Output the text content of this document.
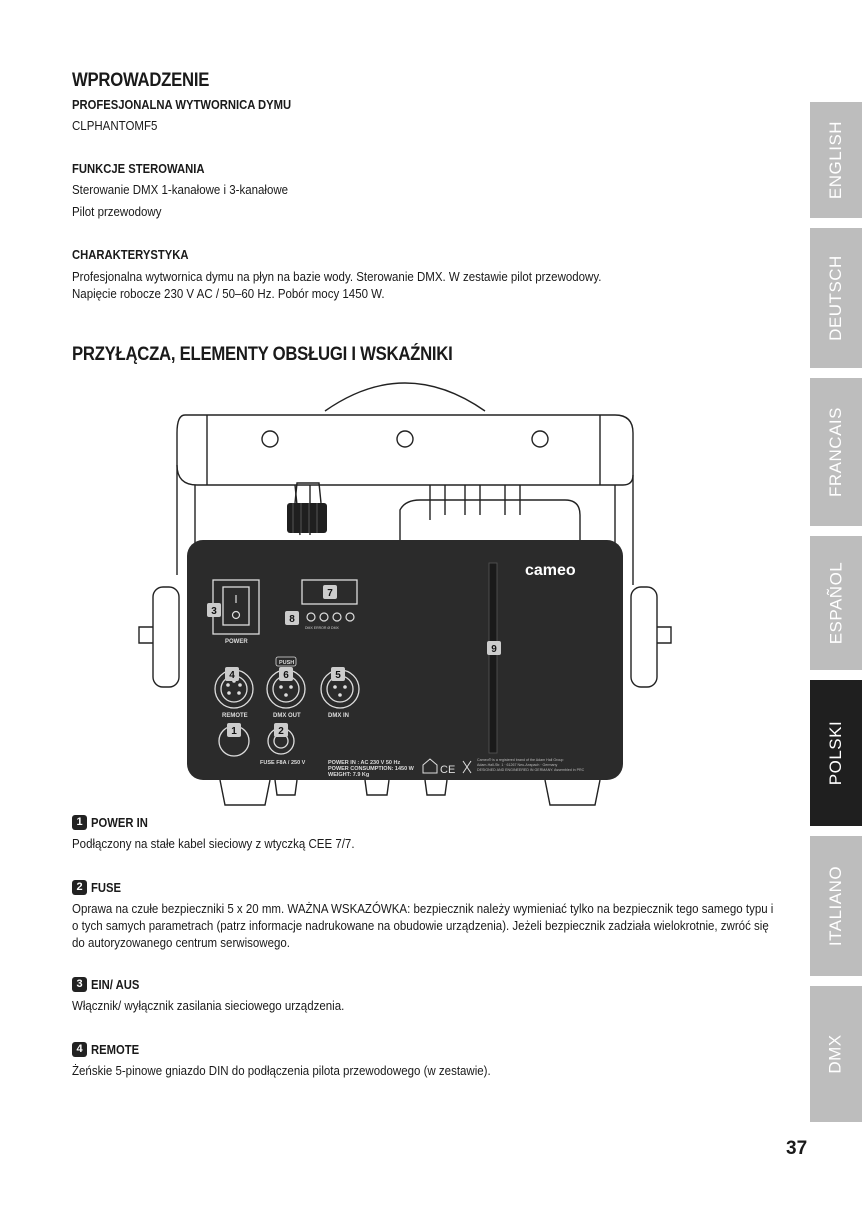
WPROWADZENIE
PROFESJONALNA WYTWORNICA DYMU
CLPHANTOMF5
FUNKCJE STEROWANIA
Sterowanie DMX 1-kanałowe i 3-kanałowe
Pilot przewodowy
CHARAKTERYSTYKA
Profesjonalna wytwornica dymu na płyn na bazie wody. Sterowanie DMX. W zestawie pilot przewodowy.
Napięcie robocze 230 V AC / 50–60 Hz. Pobór mocy 1450 W.
PRZYŁĄCZA, ELEMENTY OBSŁUGI I WSKAŹNIKI
cameo
POWER
DMX ERROR Ø DMX
PUSH
REMOTE	DMX OUT	DMX IN
FUSE F8A / 250 V	POWER IN : AC 230 V 50 Hz
POWER CONSUMPTION: 1450 W
WEIGHT: 7.9 Kg	CE
Cameo® is a registered brand of the Adam Hall Group
Adam-Hall-Str. 1 · 61267 Neu-Anspach · Germany
DESIGNED AND ENGINEERED IN GERMANY. Assembled in PRC
1	2
3
4	5
6
7
8
9
1 POWER IN
Podłączony na stałe kabel sieciowy z wtyczką CEE 7/7.
2 FUSE
Oprawa na czułe bezpieczniki 5 x 20 mm. WAŻNA WSKAZÓWKA: bezpiecznik należy wymieniać tylko na bezpiecznik tego samego typu i o tych samych parametrach (patrz informacje nadrukowane na obudowie urządzenia). Jeżeli bezpiecznik zadziała wielokrotnie, zwróć się do autoryzowanego centrum serwisowego.
3 EIN/ AUS
Włącznik/ wyłącznik zasilania sieciowego urządzenia.
4 REMOTE
Żeńskie 5-pinowe gniazdo DIN do podłączenia pilota przewodowego (w zestawie).
ENGLISH
DEUTSCH
FRANCAIS
ESPAÑOL
POLSKI
ITALIANO
DMX
37
